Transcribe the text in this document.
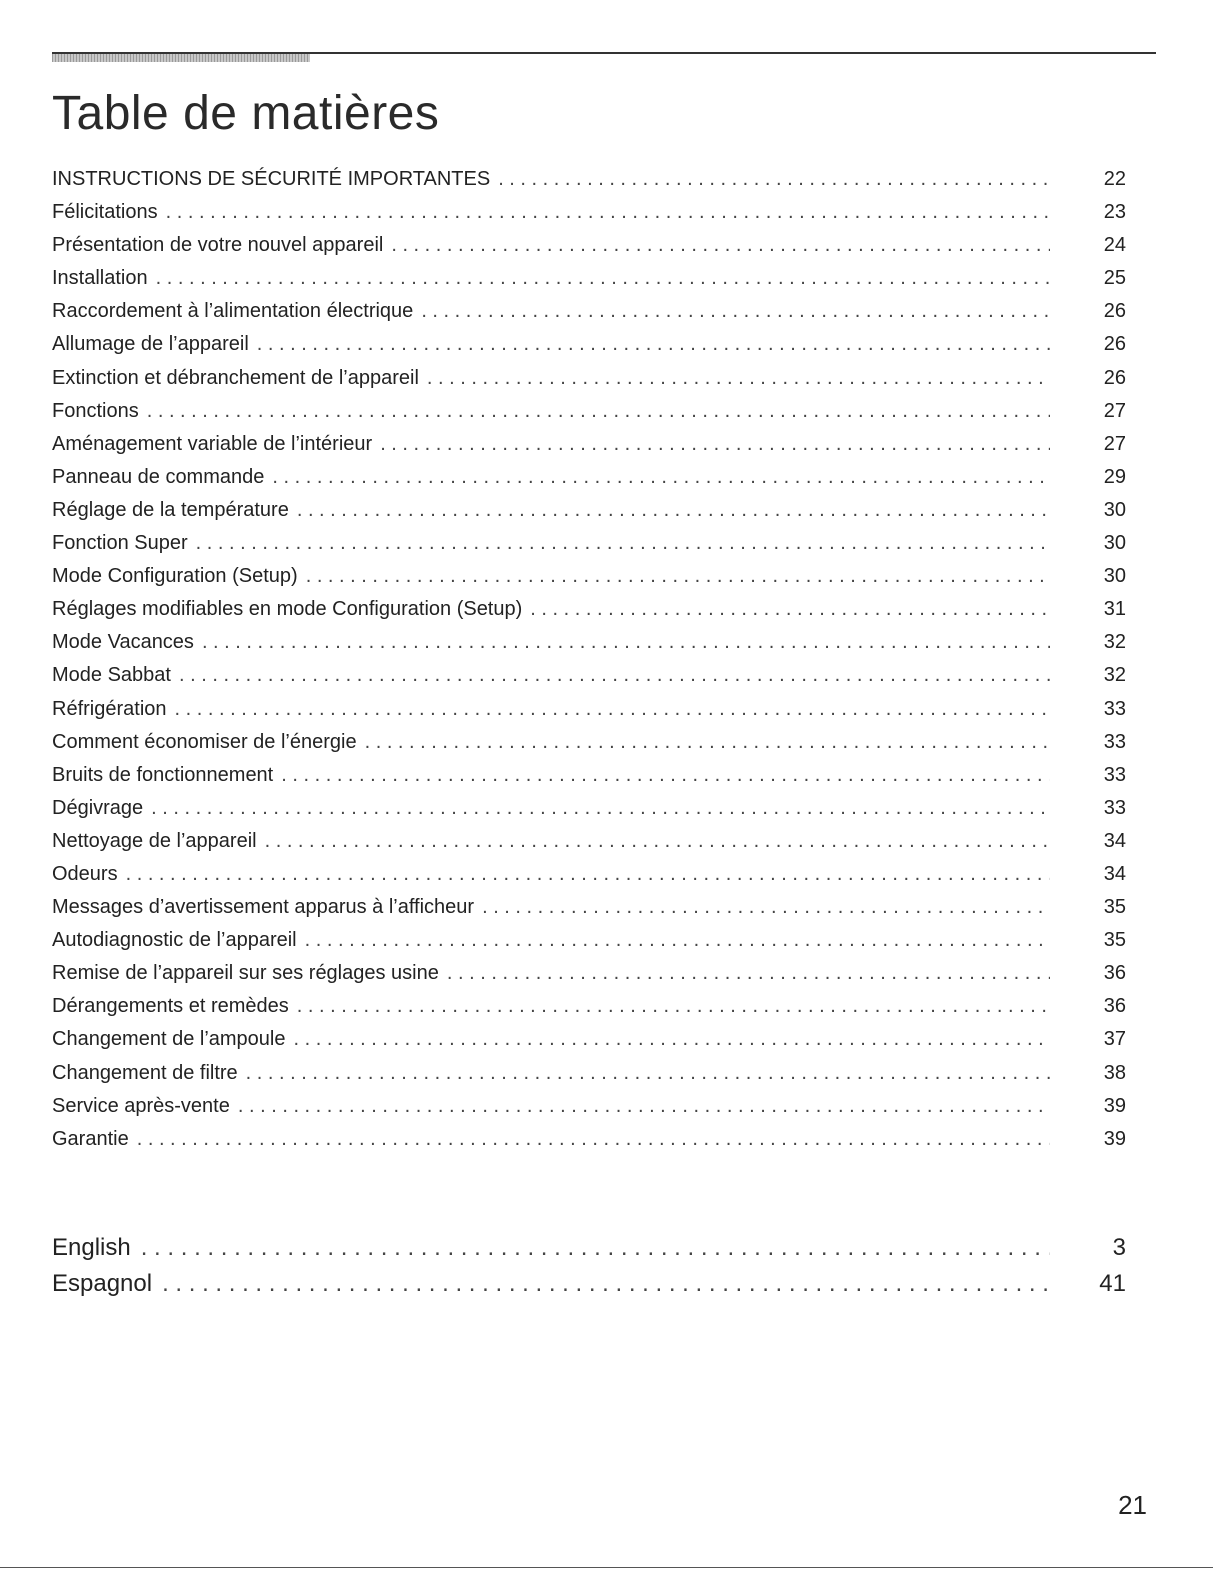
Table de matières
INSTRUCTIONS DE SÉCURITÉ IMPORTANTES . . .	22
Félicitations . . .	23
Présentation de votre nouvel appareil . . .	24
Installation . . .	25
Raccordement à l’alimentation électrique . . .	26
Allumage de l’appareil . . .	26
Extinction et débranchement de l’appareil . . .	26
Fonctions . . .	27
Aménagement variable de l’intérieur . . .	27
Panneau de commande . . .	29
Réglage de la température . . .	30
Fonction Super . . .	30
Mode Configuration (Setup) . . .	30
Réglages modifiables en mode Configuration (Setup) . . .	31
Mode Vacances . . .	32
Mode Sabbat . . .	32
Réfrigération . . .	33
Comment économiser de l’énergie . . .	33
Bruits de fonctionnement . . .	33
Dégivrage . . .	33
Nettoyage de l’appareil . . .	34
Odeurs . . .	34
Messages d’avertissement apparus à l’afficheur . . .	35
Autodiagnostic de l’appareil . . .	35
Remise de l’appareil sur ses réglages usine . . .	36
Dérangements et remèdes . . .	36
Changement de l’ampoule . . .	37
Changement de filtre . . .	38
Service après-vente . . .	39
Garantie . . .	39
English . . .	3
Espagnol . . .	41
21
